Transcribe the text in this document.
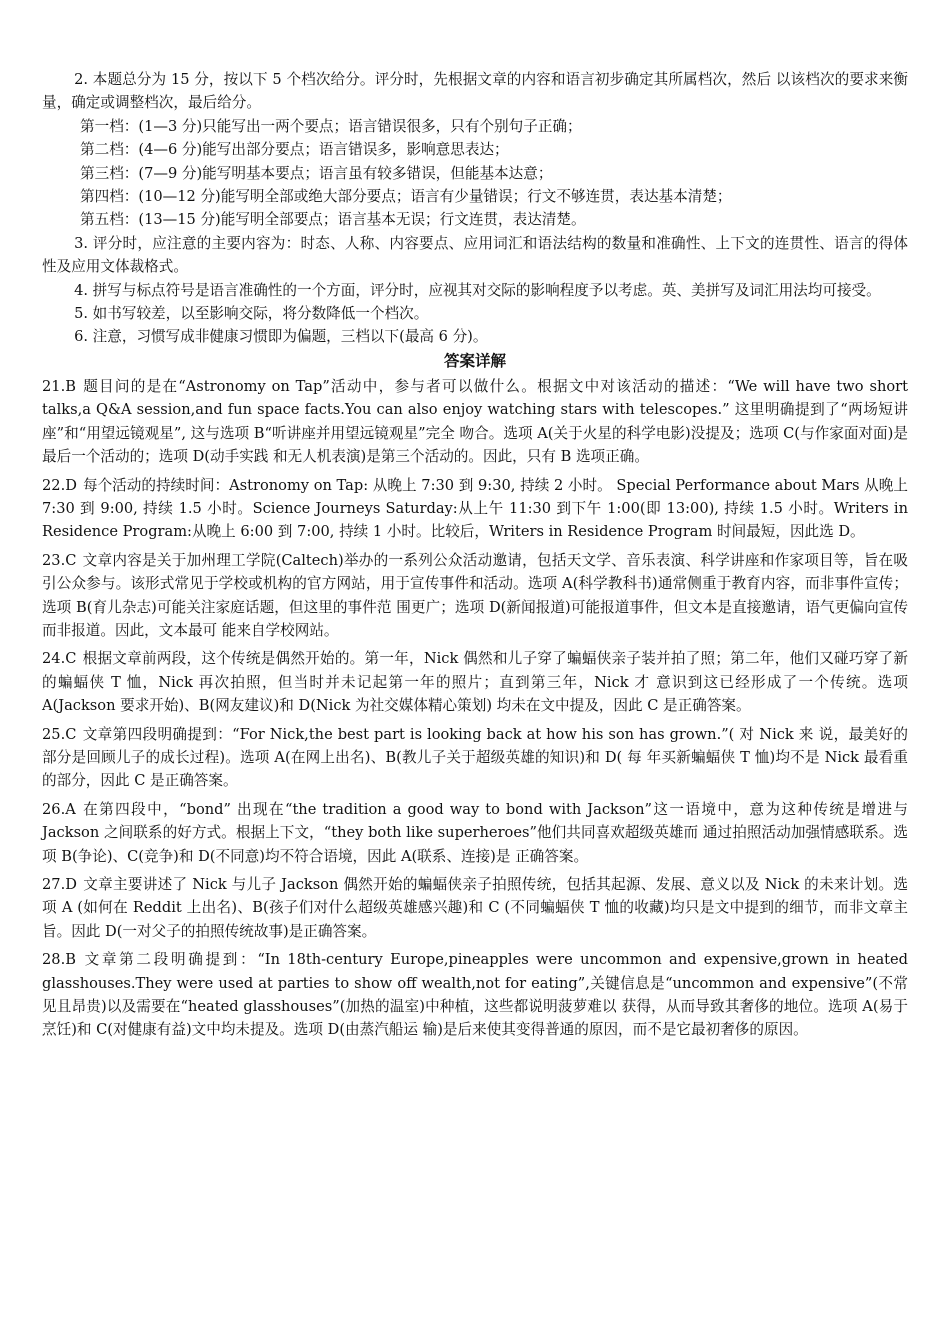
2. 本题总分为 15 分，按以下 5 个档次给分。评分时，先根据文章的内容和语言初步确定其所属档次，然后 以该档次的要求来衡量，确定或调整档次，最后给分。

第一档：(1—3 分)只能写出一两个要点；语言错误很多，只有个别句子正确；

第二档：(4—6 分)能写出部分要点；语言错误多，影响意思表达；

第三档：(7—9 分)能写明基本要点；语言虽有较多错误，但能基本达意；

第四档：(10—12 分)能写明全部或绝大部分要点；语言有少量错误；行文不够连贯，表达基本清楚；

第五档：(13—15 分)能写明全部要点；语言基本无误；行文连贯，表达清楚。

3. 评分时，应注意的主要内容为：时态、人称、内容要点、应用词汇和语法结构的数量和准确性、上下文的连贯性、语言的得体性及应用文体裁格式。

4. 拼写与标点符号是语言准确性的一个方面，评分时，应视其对交际的影响程度予以考虑。英、美拼写及词汇用法均可接受。

5. 如书写较差，以至影响交际，将分数降低一个档次。

6. 注意，习惯写成非健康习惯即为偏题，三档以下(最高 6 分)。

答案详解

21.B 题目问的是在“Astronomy on Tap”活动中，参与者可以做什么。根据文中对该活动的描述：“We will have two short talks,a Q&A session,and fun space facts.You can also enjoy watching stars with telescopes.” 这里明确提到了“两场短讲座”和“用望远镜观星”, 这与选项 B“听讲座并用望远镜观星”完全 吻合。选项 A(关于火星的科学电影)没提及；选项 C(与作家面对面)是最后一个活动的；选项 D(动手实践 和无人机表演)是第三个活动的。因此，只有 B 选项正确。

22.D 每个活动的持续时间：Astronomy on Tap: 从晚上 7:30 到 9:30, 持续 2 小时。 Special Performance about Mars 从晚上 7:30 到 9:00, 持续 1.5 小时。Science Journeys Saturday:从上午 11:30 到下午 1:00(即 13:00), 持续 1.5 小时。Writers in Residence Program:从晚上 6:00 到 7:00, 持续 1 小时。比较后，Writers in Residence Program 时间最短，因此选 D。

23.C 文章内容是关于加州理工学院(Caltech)举办的一系列公众活动邀请，包括天文学、音乐表演、科学讲座和作家项目等，旨在吸引公众参与。该形式常见于学校或机构的官方网站，用于宣传事件和活动。选项 A(科学教科书)通常侧重于教育内容，而非事件宣传；选项 B(育儿杂志)可能关注家庭话题，但这里的事件范 围更广；选项 D(新闻报道)可能报道事件，但文本是直接邀请，语气更偏向宣传而非报道。因此，文本最可 能来自学校网站。

24.C 根据文章前两段，这个传统是偶然开始的。第一年，Nick 偶然和儿子穿了蝙蝠侠亲子装并拍了照；第二年，他们又碰巧穿了新的蝙蝠侠 T 恤，Nick 再次拍照，但当时并未记起第一年的照片；直到第三年，Nick 才 意识到这已经形成了一个传统。选项 A(Jackson 要求开始)、B(网友建议)和 D(Nick 为社交媒体精心策划) 均未在文中提及，因此 C 是正确答案。

25.C 文章第四段明确提到：“For Nick,the best part is looking back at how his son has grown.”( 对 Nick 来 说，最美好的部分是回顾儿子的成长过程)。选项 A(在网上出名)、B(教儿子关于超级英雄的知识)和 D( 每 年买新蝙蝠侠 T 恤)均不是 Nick 最看重的部分，因此 C 是正确答案。

26.A 在第四段中，“bond” 出现在“the tradition a good way to bond with Jackson”这一语境中，意为这种传统是增进与 Jackson 之间联系的好方式。根据上下文，“they both like superheroes”他们共同喜欢超级英雄而 通过拍照活动加强情感联系。选项 B(争论)、C(竞争)和 D(不同意)均不符合语境，因此 A(联系、连接)是 正确答案。

27.D 文章主要讲述了 Nick 与儿子 Jackson 偶然开始的蝙蝠侠亲子拍照传统，包括其起源、发展、意义以及 Nick 的未来计划。选项 A (如何在 Reddit 上出名)、B(孩子们对什么超级英雄感兴趣)和 C (不同蝙蝠侠 T 恤的收藏)均只是文中提到的细节，而非文章主旨。因此 D(一对父子的拍照传统故事)是正确答案。

28.B 文章第二段明确提到：“In 18th-century Europe,pineapples were uncommon and expensive,grown in heated glasshouses.They were used at parties to show off wealth,not for eating”,关键信息是“uncommon and expensive”(不常见且昂贵)以及需要在“heated glasshouses”(加热的温室)中种植，这些都说明菠萝难以 获得，从而导致其奢侈的地位。选项 A(易于烹饪)和 C(对健康有益)文中均未提及。选项 D(由蒸汽船运 输)是后来使其变得普通的原因，而不是它最初奢侈的原因。
